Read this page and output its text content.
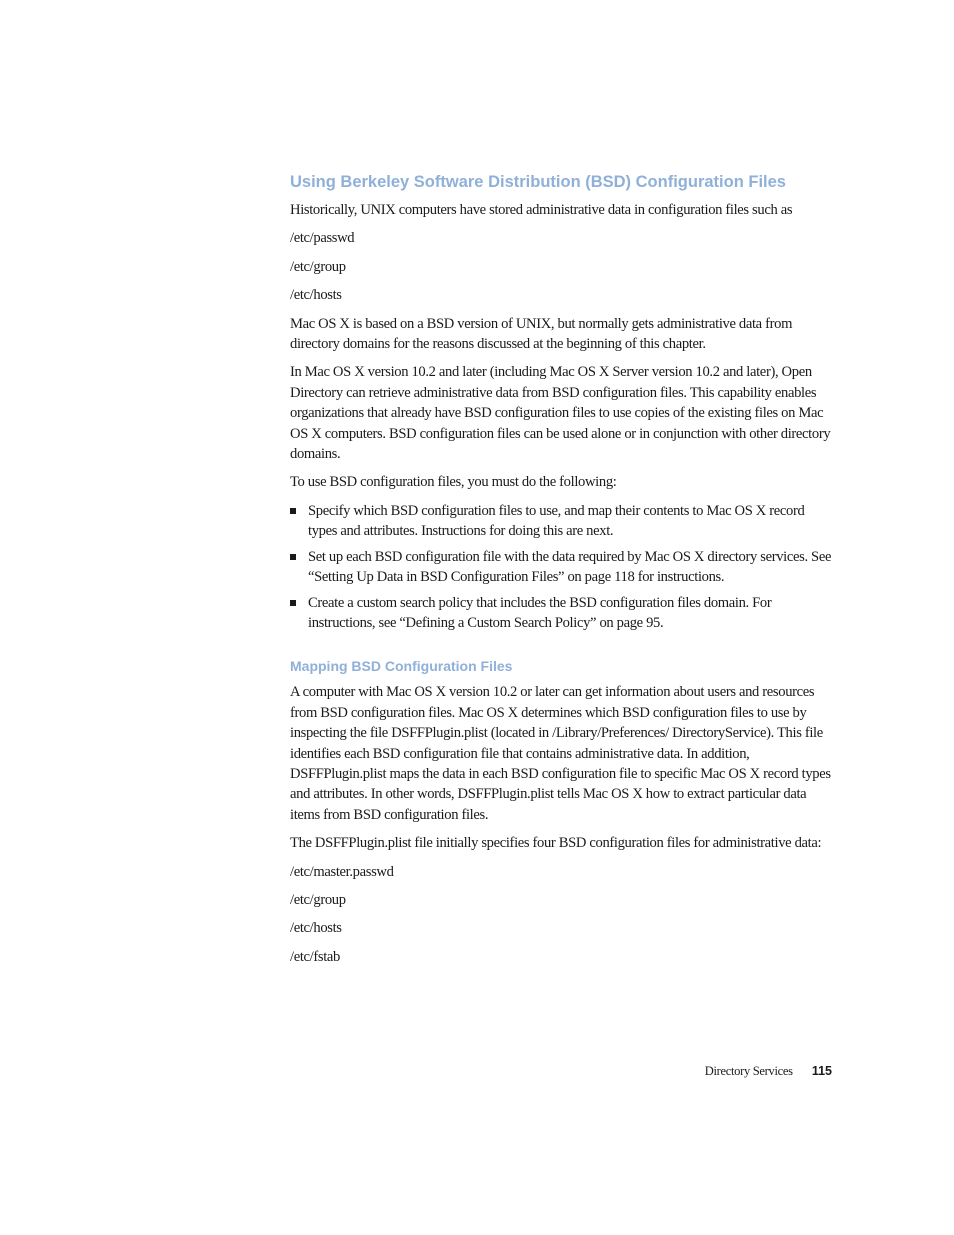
Using Berkeley Software Distribution (BSD) Configuration Files

Historically, UNIX computers have stored administrative data in configuration files such as

/etc/passwd

/etc/group

/etc/hosts

Mac OS X is based on a BSD version of UNIX, but normally gets administrative data from directory domains for the reasons discussed at the beginning of this chapter.

In Mac OS X version 10.2 and later (including Mac OS X Server version 10.2 and later), Open Directory can retrieve administrative data from BSD configuration files. This capability enables organizations that already have BSD configuration files to use copies of the existing files on Mac OS X computers. BSD configuration files can be used alone or in conjunction with other directory domains.

To use BSD configuration files, you must do the following:

Specify which BSD configuration files to use, and map their contents to Mac OS X record types and attributes. Instructions for doing this are next.
Set up each BSD configuration file with the data required by Mac OS X directory services. See “Setting Up Data in BSD Configuration Files” on page 118 for instructions.
Create a custom search policy that includes the BSD configuration files domain. For instructions, see “Defining a Custom Search Policy” on page 95.
Mapping BSD Configuration Files

A computer with Mac OS X version 10.2 or later can get information about users and resources from BSD configuration files. Mac OS X determines which BSD configuration files to use by inspecting the file DSFFPlugin.plist (located in /Library/Preferences/ DirectoryService). This file identifies each BSD configuration file that contains administrative data. In addition, DSFFPlugin.plist maps the data in each BSD configuration file to specific Mac OS X record types and attributes. In other words, DSFFPlugin.plist tells Mac OS X how to extract particular data items from BSD configuration files.

The DSFFPlugin.plist file initially specifies four BSD configuration files for administrative data:

/etc/master.passwd

/etc/group

/etc/hosts

/etc/fstab

Directory Services 115
